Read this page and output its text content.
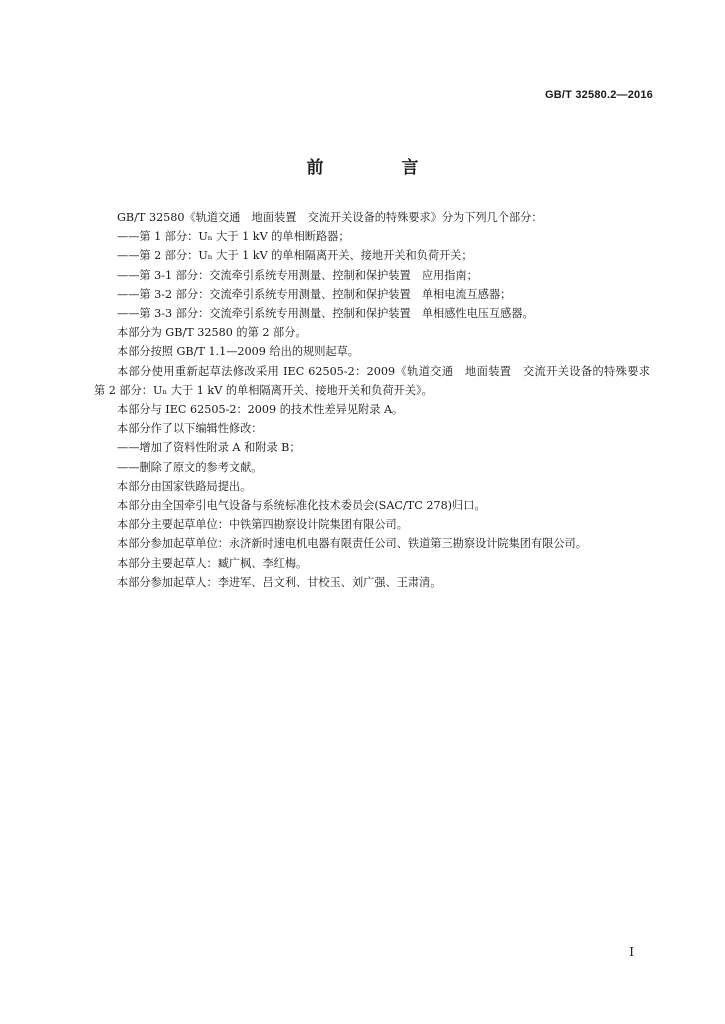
GB/T 32580.2—2016
前 言

GB/T 32580《轨道交通　地面装置　交流开关设备的特殊要求》分为下列几个部分：

——第 1 部分：Uₙ 大于 1 kV 的单相断路器；

——第 2 部分：Uₙ 大于 1 kV 的单相隔离开关、接地开关和负荷开关；

——第 3-1 部分：交流牵引系统专用测量、控制和保护装置　应用指南；

——第 3-2 部分：交流牵引系统专用测量、控制和保护装置　单相电流互感器；

——第 3-3 部分：交流牵引系统专用测量、控制和保护装置　单相感性电压互感器。

本部分为 GB/T 32580 的第 2 部分。

本部分按照 GB/T 1.1—2009 给出的规则起草。

本部分使用重新起草法修改采用 IEC 62505-2：2009《轨道交通　地面装置　交流开关设备的特殊要求　第 2 部分：Uₙ 大于 1 kV 的单相隔离开关、接地开关和负荷开关》。

本部分与 IEC 62505-2：2009 的技术性差异见附录 A。

本部分作了以下编辑性修改：

——增加了资料性附录 A 和附录 B；

——删除了原文的参考文献。

本部分由国家铁路局提出。

本部分由全国牵引电气设备与系统标准化技术委员会(SAC/TC 278)归口。

本部分主要起草单位：中铁第四勘察设计院集团有限公司。

本部分参加起草单位：永济新时速电机电器有限责任公司、铁道第三勘察设计院集团有限公司。

本部分主要起草人：臧广枫、李红梅。

本部分参加起草人：李进军、吕文利、甘校玉、刘广强、王肃清。

I
